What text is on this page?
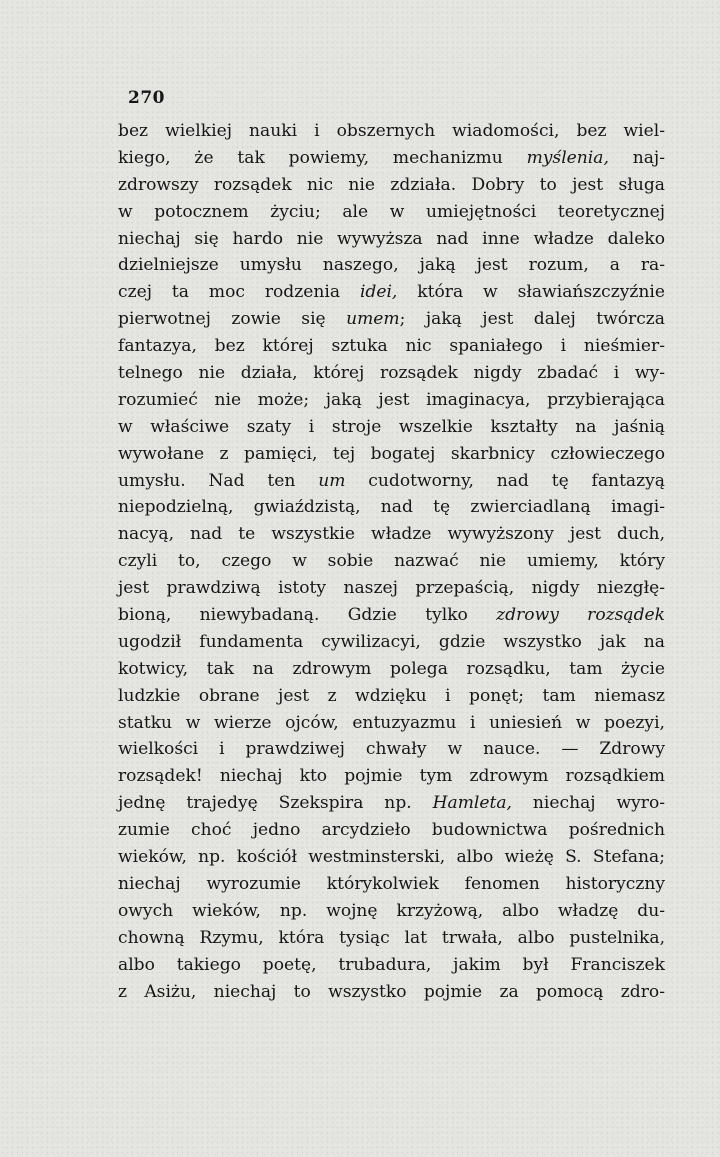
270
bez wielkiej nauki i obszernych wiadomości, bez wiel-
kiego, że tak powiemy, mechanizmu myślenia, naj-
zdrowszy rozsądek nic nie zdziała. Dobry to jest sługa
w potocznem życiu; ale w umiejętności teoretycznej
niechaj się hardo nie wywyższa nad inne władze daleko
dzielniejsze umysłu naszego, jaką jest rozum, a ra-
czej ta moc rodzenia idei, która w sławiańszczyźnie
pierwotnej zowie się umem; jaką jest dalej twórcza
fantazya, bez której sztuka nic spaniałego i nieśmier-
telnego nie działa, której rozsądek nigdy zbadać i wy-
rozumieć nie może; jaką jest imaginacya, przybierająca
w właściwe szaty i stroje wszelkie kształty na jaśnią
wywołane z pamięci, tej bogatej skarbnicy człowieczego
umysłu. Nad ten um cudotworny, nad tę fantazyą
niepodzielną, gwiaździstą, nad tę zwierciadlaną imagi-
nacyą, nad te wszystkie władze wywyższony jest duch,
czyli to, czego w sobie nazwać nie umiemy, który
jest prawdziwą istoty naszej przepaścią, nigdy niezgłę-
bioną, niewybadaną. Gdzie tylko zdrowy rozsądek
ugodził fundamenta cywilizacyi, gdzie wszystko jak na
kotwicy, tak na zdrowym polega rozsądku, tam życie
ludzkie obrane jest z wdzięku i ponęt; tam niemasz
statku w wierze ojców, entuzyazmu i uniesień w poezyi,
wielkości i prawdziwej chwały w nauce. — Zdrowy
rozsądek! niechaj kto pojmie tym zdrowym rozsądkiem
jednę trajedyę Szekspira np. Hamleta, niechaj wyro-
zumie choć jedno arcydzieło budownictwa pośrednich
wieków, np. kościół westminsterski, albo wieżę S. Stefana;
niechaj wyrozumie którykolwiek fenomen historyczny
owych wieków, np. wojnę krzyżową, albo władzę du-
chowną Rzymu, która tysiąc lat trwała, albo pustelnika,
albo takiego poetę, trubadura, jakim był Franciszek
z Asiżu, niechaj to wszystko pojmie za pomocą zdro-
